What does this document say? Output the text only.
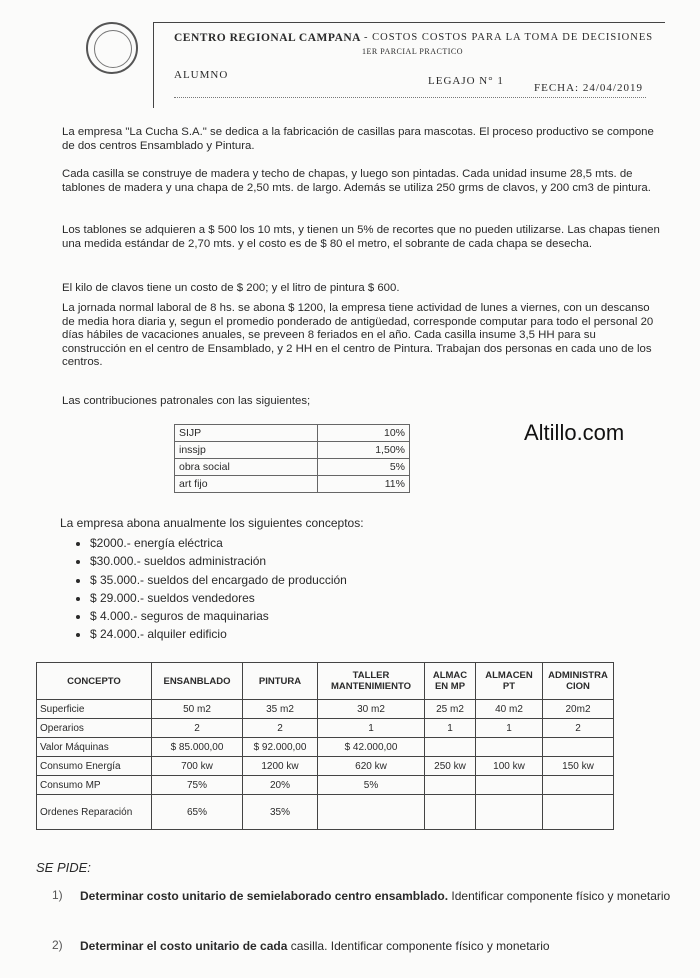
CENTRO REGIONAL CAMPANA - COSTOS COSTOS PARA LA TOMA DE DECISIONES
1ER PARCIAL PRACTICO
ALUMNO	LEGAJO N° 1
FECHA: 24/04/2019

La empresa "La Cucha S.A." se dedica a la fabricación de casillas para mascotas. El proceso productivo se compone de dos centros Ensamblado y Pintura.

Cada casilla se construye de madera y techo de chapas, y luego son pintadas. Cada unidad insume 28,5 mts. de tablones de madera y una chapa de 2,50 mts. de largo. Además se utiliza 250 grms de clavos, y 200 cm3 de pintura.

Los tablones se adquieren a $ 500 los 10 mts, y tienen un 5% de recortes que no pueden utilizarse. Las chapas tienen una medida estándar de 2,70 mts. y el costo es de $ 80 el metro, el sobrante de cada chapa se desecha.

El kilo de clavos tiene un costo de $ 200; y el litro de pintura $ 600.

La jornada normal laboral de 8 hs. se abona $ 1200, la empresa tiene actividad de lunes a viernes, con un descanso de media hora diaria y, segun el promedio ponderado de antigüedad, corresponde computar para todo el personal 20 días hábiles de vacaciones anuales, se preveen 8 feriados en el año. Cada casilla insume 3,5 HH para su construcción en el centro de Ensamblado, y 2 HH en el centro de Pintura. Trabajan dos personas en cada uno de los centros.

Las contribuciones patronales con las siguientes;

Altillo.com
SIJP	10%
inssjp	1,50%
obra social	5%
art fijo	11%
La empresa abona anualmente los siguientes conceptos:
• $2000.- energía eléctrica
• $30.000.- sueldos administración
• $ 35.000.- sueldos del encargado de producción
• $ 29.000.- sueldos vendedores
• $ 4.000.- seguros de maquinarias
• $ 24.000.- alquiler edificio
CONCEPTO	ENSANBLADO	PINTURA	TALLER MANTENIMIENTO	ALMAC EN MP	ALMACEN PT	ADMINISTRA CION
Superficie	50 m2	35 m2	30 m2	25 m2	40 m2	20m2
Operarios	2	2	1	1	1	2
Valor Máquinas	$ 85.000,00	$ 92.000,00	$ 42.000,00			
Consumo Energía	700 kw	1200 kw	620 kw	250 kw	100 kw	150 kw
Consumo MP	75%	20%	5%			
Ordenes Reparación	65%	35%				
SE PIDE:
1) Determinar costo unitario de semielaborado centro ensamblado. Identificar componente físico y monetario
2) Determinar el costo unitario de cada casilla. Identificar componente físico y monetario
